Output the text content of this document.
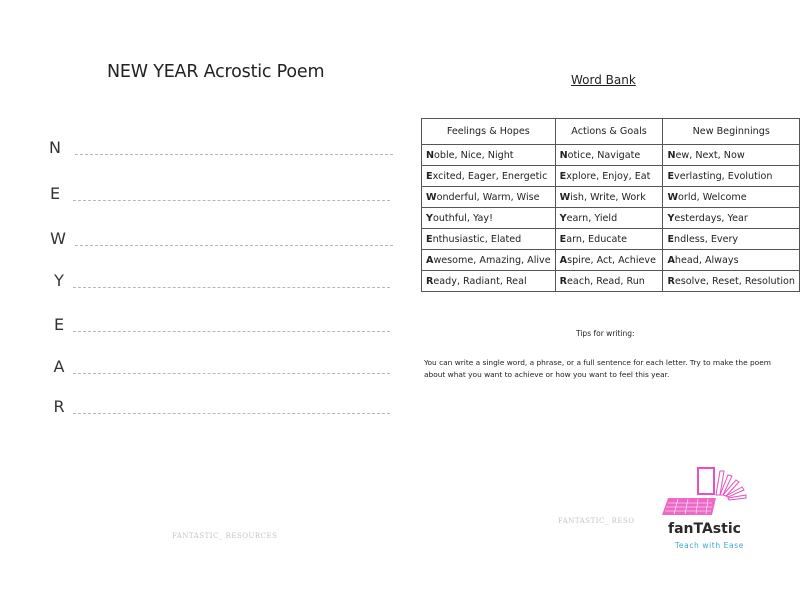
NEW YEAR Acrostic Poem
N
E
W
Y
E
A
R
Word Bank
Feelings & Hopes	Actions & Goals	New Beginnings
Noble, Nice, Night	Notice, Navigate	New, Next, Now
Excited, Eager, Energetic	Explore, Enjoy, Eat	Everlasting, Evolution
Wonderful, Warm, Wise	Wish, Write, Work	World, Welcome
Youthful, Yay!	Yearn, Yield	Yesterdays, Year
Enthusiastic, Elated	Earn, Educate	Endless, Every
Awesome, Amazing, Alive	Aspire, Act, Achieve	Ahead, Always
Ready, Radiant, Real	Reach, Read, Run	Resolve, Reset, Resolution
Tips for writing:
You can write a single word, a phrase, or a full sentence for each letter. Try to make the poem about what you want to achieve or how you want to feel this year.
FANTASTIC_ RESOURCES
FANTASTIC_ RESO fanTAstic
Teach with Ease
